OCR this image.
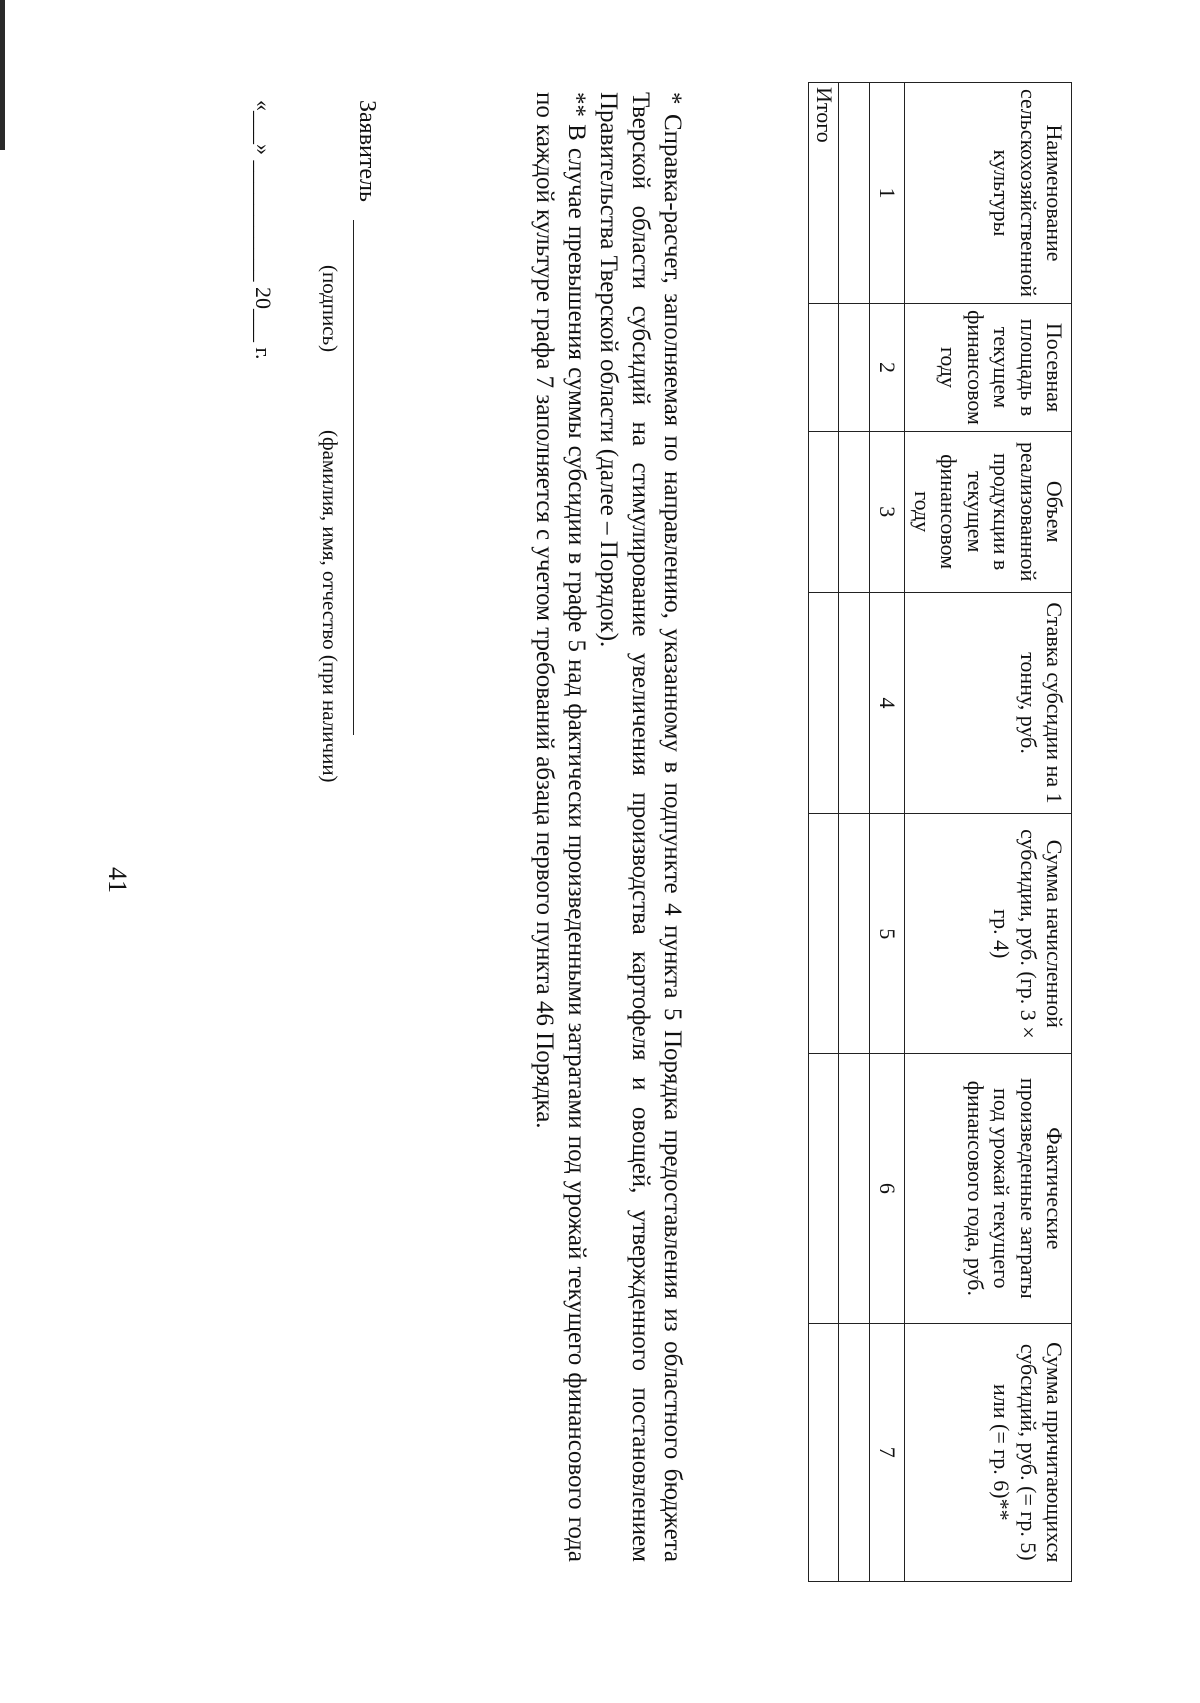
Наименование сельскохозяйственной культуры	Посевная площадь в текущем финансовом году	Объем реализованной продукции в текущем финансовом году	Ставка субсидии на 1 тонну, руб.	Сумма начисленной субсидии, руб. (гр. 3 × гр. 4)	Фактические произведенные затраты под урожай текущего финансового года, руб.	Сумма причитающихся субсидий, руб. (= гр. 5) или (= гр. 6)**
1	2	3	4	5	6	7

Итого						

* Справка-расчет, заполняемая по направлению, указанному в подпункте 4 пункта 5 Порядка предоставления из областного бюджета Тверской области субсидий на стимулирование увеличения производства картофеля и овощей, утвержденного постановлением Правительства Тверской области (далее – Порядок).

** В случае превышения суммы субсидии в графе 5 над фактически произведенными затратами под урожай текущего финансового года по каждой культуре графа 7 заполняется с учетом требований абзаца первого пункта 46 Порядка.

Заявитель
(подпись)
(фамилия, имя, отчество (при наличии)
«___» ___________ 20___ г.
41
